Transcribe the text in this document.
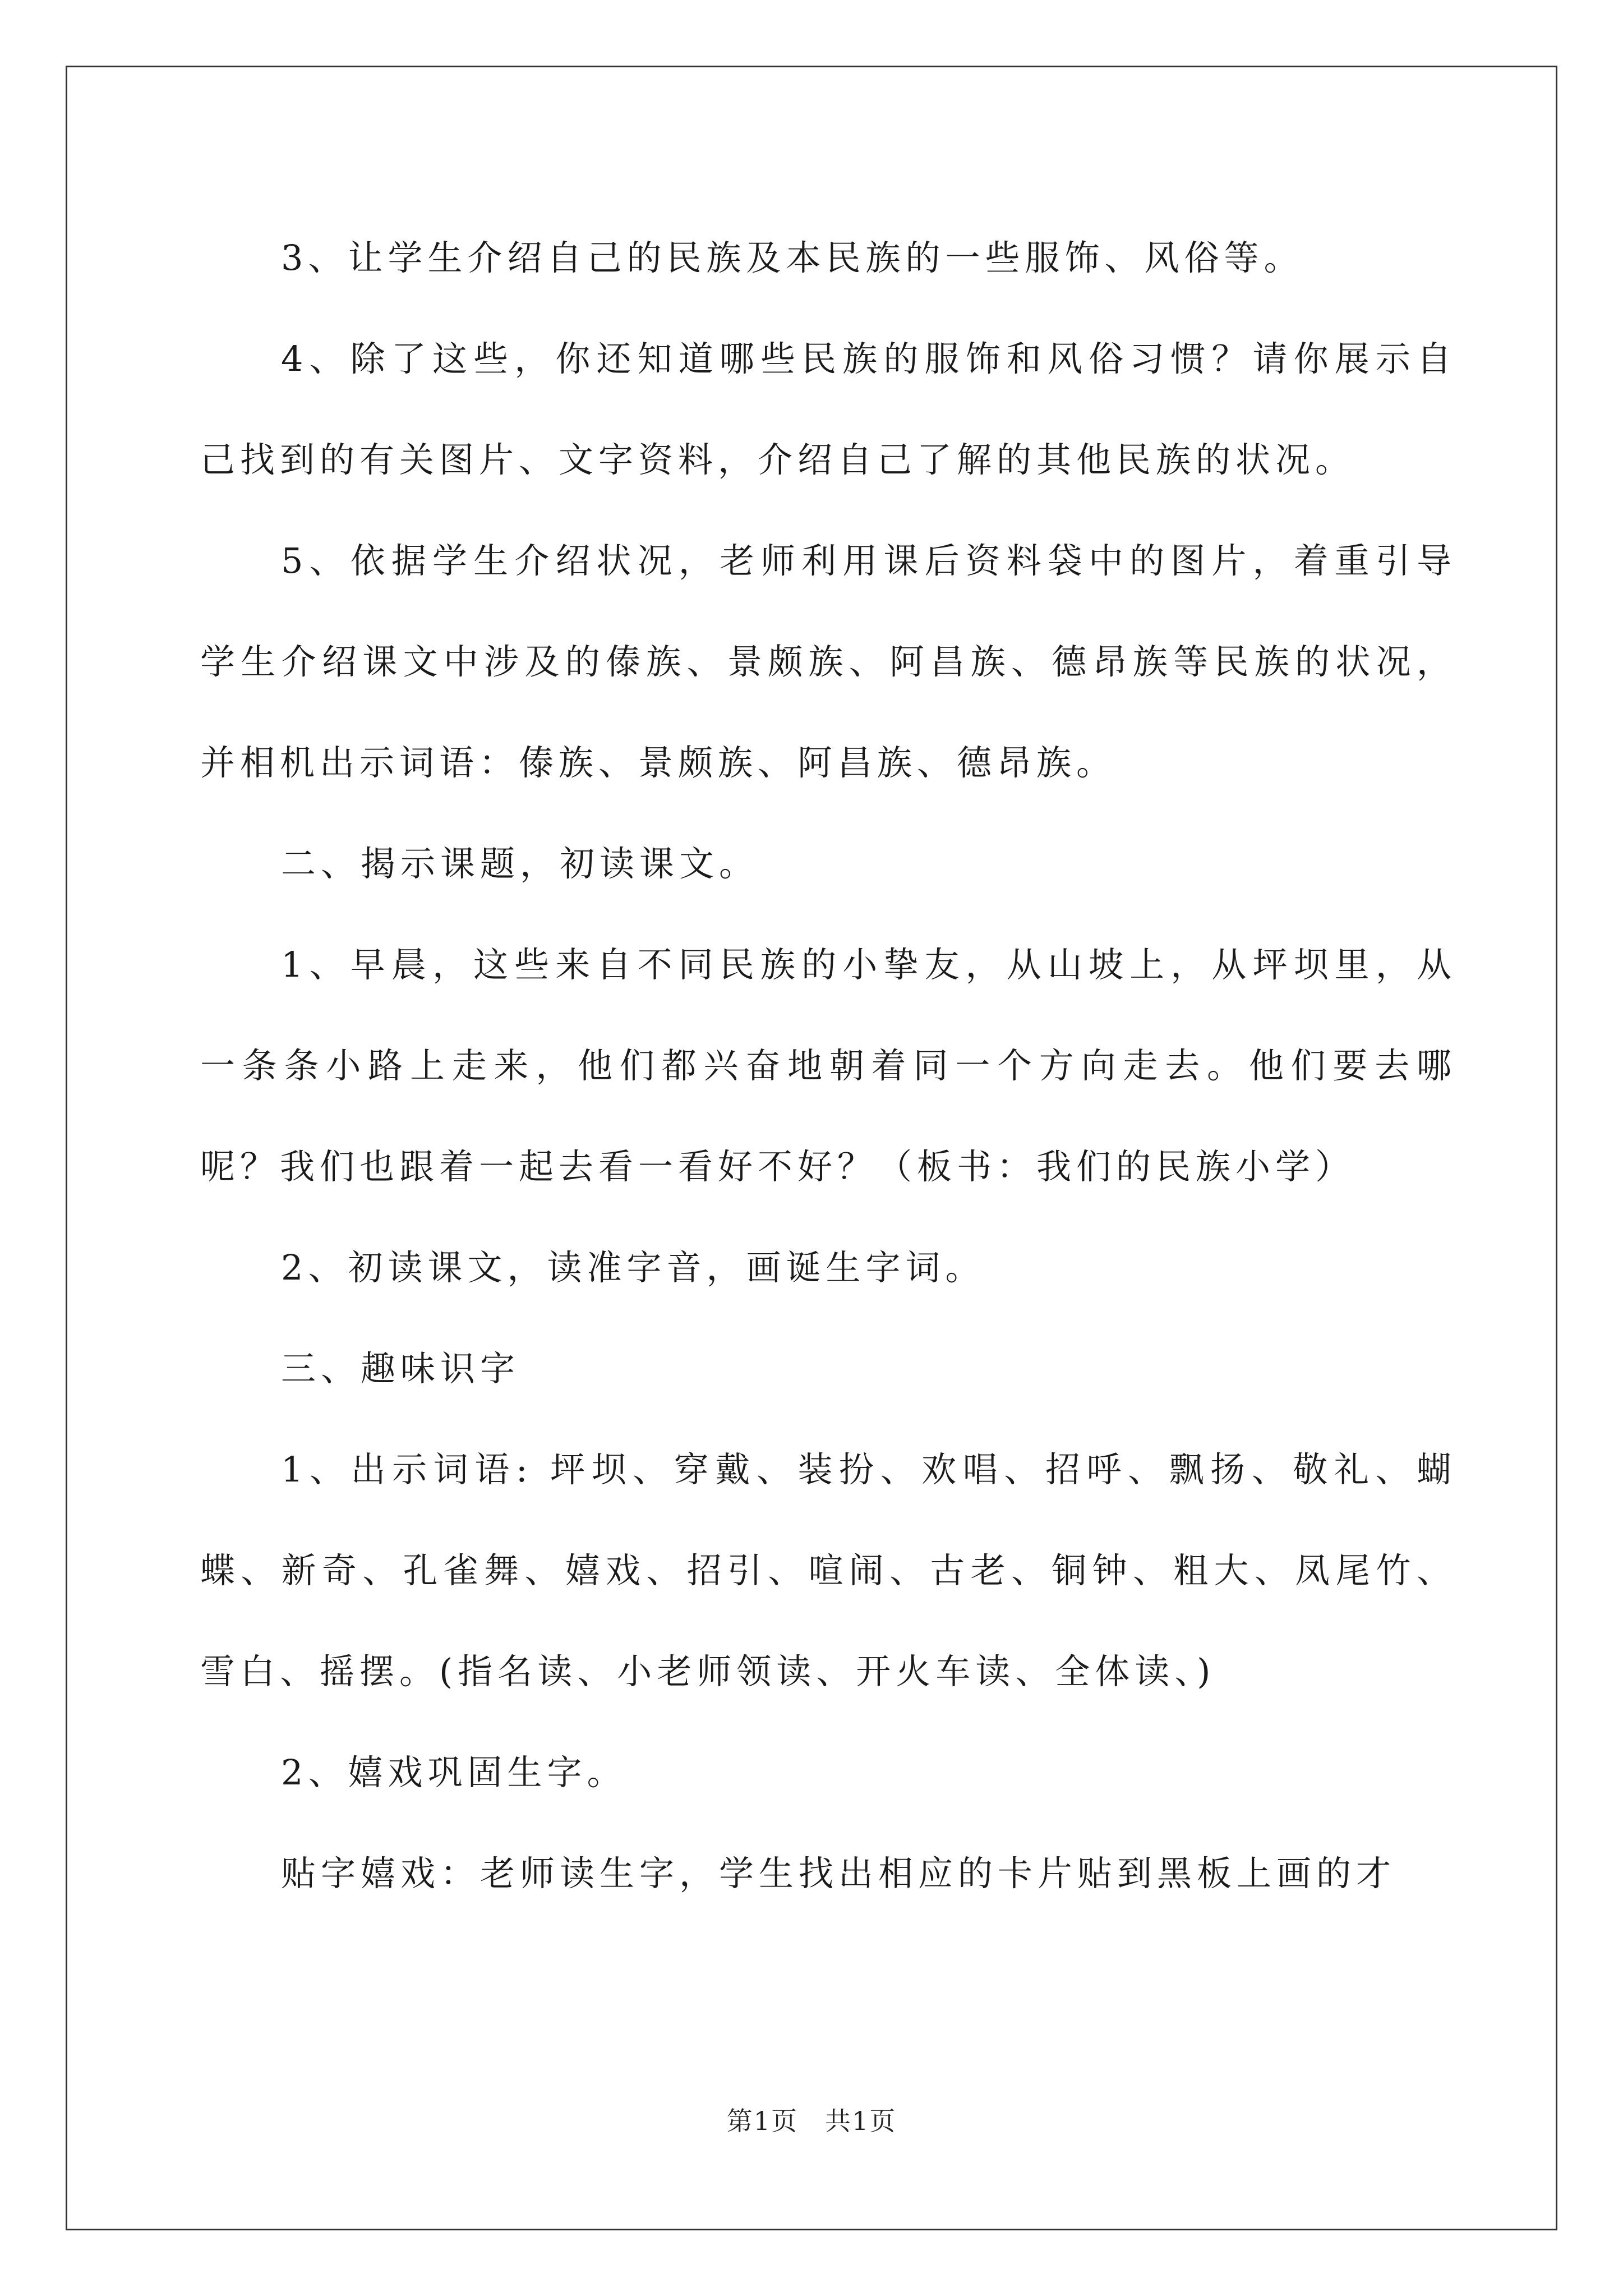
3、让学生介绍自己的民族及本民族的一些服饰、风俗等。

4、除了这些，你还知道哪些民族的服饰和风俗习惯？请你展示自己找到的有关图片、文字资料，介绍自己了解的其他民族的状况。

5、依据学生介绍状况，老师利用课后资料袋中的图片，着重引导学生介绍课文中涉及的傣族、景颇族、阿昌族、德昂族等民族的状况，并相机出示词语：傣族、景颇族、阿昌族、德昂族。

二、揭示课题，初读课文。

1、早晨，这些来自不同民族的小挚友，从山坡上，从坪坝里，从一条条小路上走来，他们都兴奋地朝着同一个方向走去。他们要去哪呢？我们也跟着一起去看一看好不好？（板书：我们的民族小学）

2、初读课文，读准字音，画诞生字词。

三、趣味识字

1、出示词语: 坪坝、穿戴、装扮、欢唱、招呼、飘扬、敬礼、蝴蝶、新奇、孔雀舞、嬉戏、招引、喧闹、古老、铜钟、粗大、凤尾竹、雪白、摇摆。(指名读、小老师领读、开火车读、全体读、)

2、嬉戏巩固生字。

贴字嬉戏：老师读生字，学生找出相应的卡片贴到黑板上画的才

第1页　共1页
